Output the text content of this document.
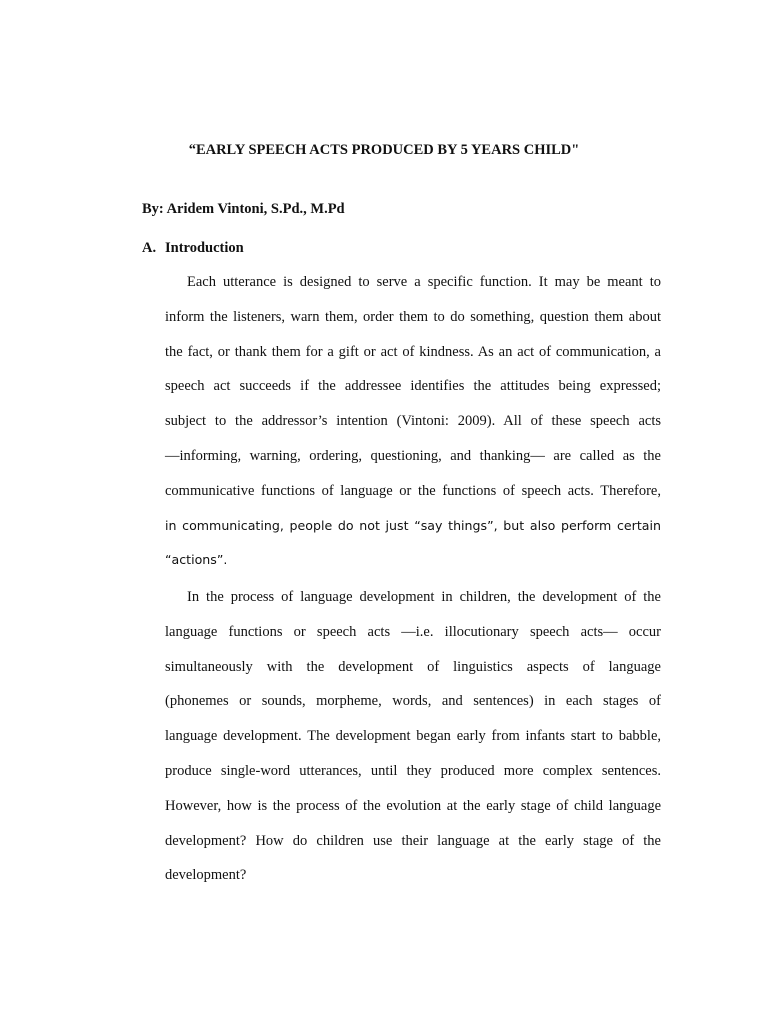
“EARLY SPEECH ACTS PRODUCED BY 5 YEARS CHILD"

By: Aridem Vintoni, S.Pd., M.Pd

A. Introduction

Each utterance is designed to serve a specific function. It may be meant to
inform the listeners, warn them, order them to do something, question them about
the fact, or thank them for a gift or act of kindness. As an act of communication, a
speech act succeeds if the addressee identifies the attitudes being expressed;
subject to the addressor’s intention (Vintoni: 2009). All of these speech acts
—informing, warning, ordering, questioning, and thanking— are called as the
communicative functions of language or the functions of speech acts. Therefore,
in communicating, people do not just “say things”, but also perform certain
“actions”.
In the process of language development in children, the development of the
language functions or speech acts —i.e. illocutionary speech acts— occur
simultaneously with the development of linguistics aspects of language
(phonemes or sounds, morpheme, words, and sentences) in each stages of
language development. The development began early from infants start to babble,
produce single-word utterances, until they produced more complex sentences.
However, how is the process of the evolution at the early stage of child language
development? How do children use their language at the early stage of the
development?
